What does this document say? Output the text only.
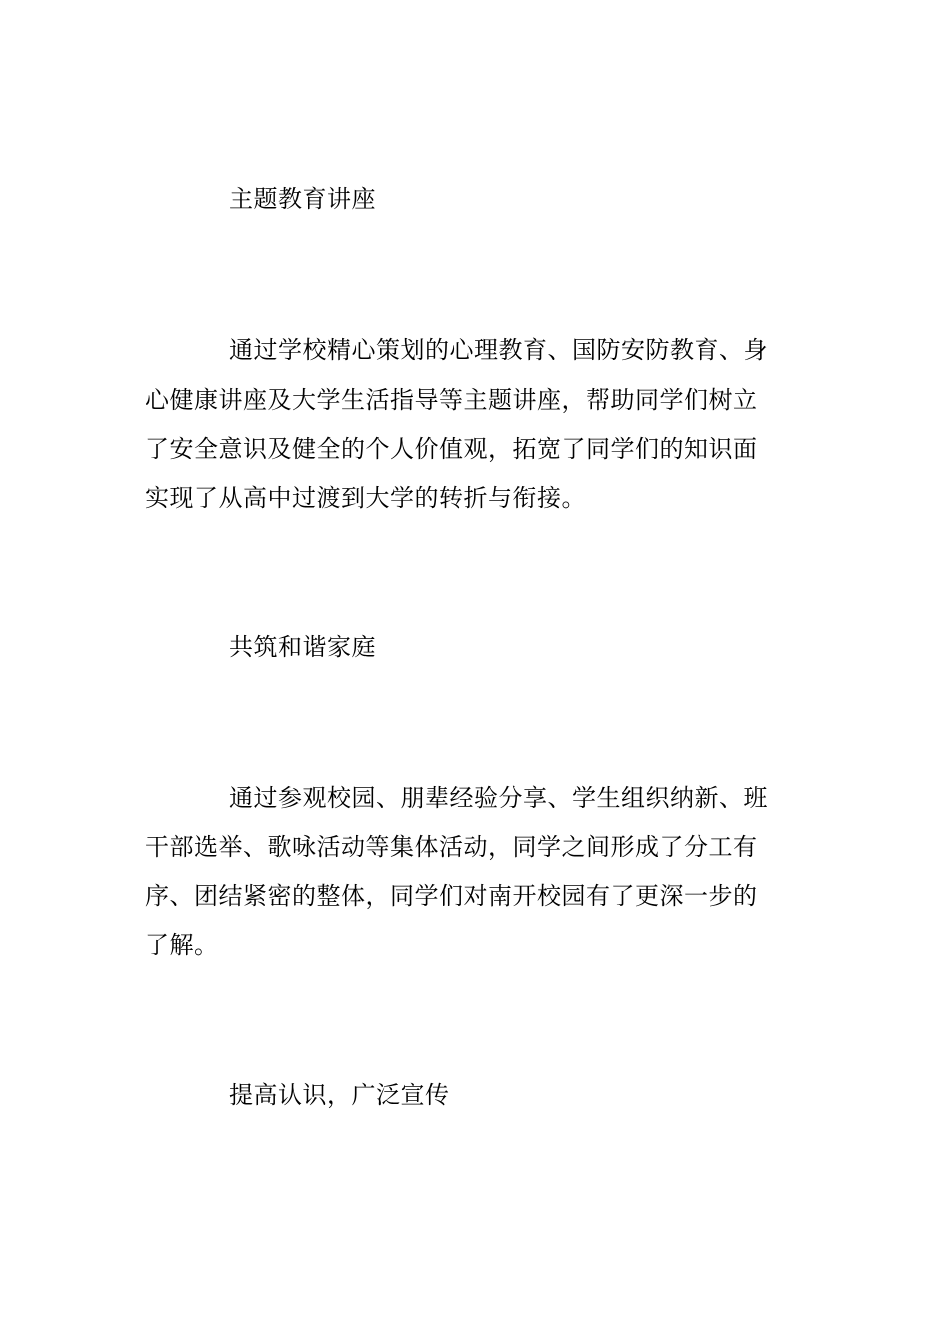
主题教育讲座
通过学校精心策划的心理教育、国防安防教育、身
心健康讲座及大学生活指导等主题讲座，帮助同学们树立
了安全意识及健全的个人价值观，拓宽了同学们的知识面
实现了从高中过渡到大学的转折与衔接。
共筑和谐家庭
通过参观校园、朋辈经验分享、学生组织纳新、班
干部选举、歌咏活动等集体活动，同学之间形成了分工有
序、团结紧密的整体，同学们对南开校园有了更深一步的
了解。
提高认识，广泛宣传
